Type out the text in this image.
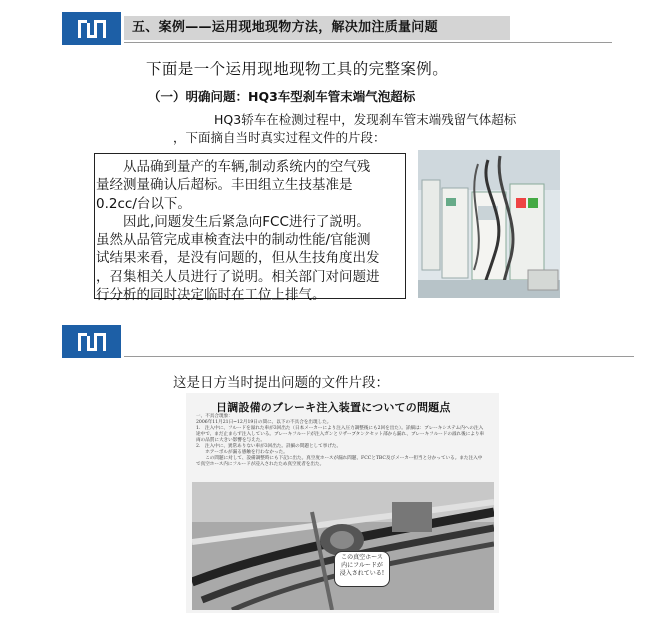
五、案例——运用现地现物方法，解决加注质量问题
下面是一个运用现地现物工具的完整案例。
（一）明确问题：HQ3车型刹车管末端气泡超标
HQ3轿车在检测过程中，发现刹车管末端残留气体超标
，下面摘自当时真实过程文件的片段：

　　从品确到量产的车辆,制动系统内的空气残

量经测量确认后超标。丰田组立生技基准是

0.2cc/台以下。

　　因此,问题发生后紧急向FCC进行了説明。

虽然从品管完成車検査法中的制动性能/官能测

试结果来看，是没有问题的，但从生技角度出发

，召集相关人员进行了说明。相关部门对问题进

行分析的同时决定临时在工位上排气。

这是日方当时提出问题的文件片段：
日調設備のブレーキ注入装置についての問題点
一、不具合現象：
2006年11月21日~12月19日の間に、以下の不具合を出現した。
1.　注入中に、フルードを溢れた車が3回出た（日本メーカーにより注入圧力調整後にも2回を出た）。詳細は：ブレーキシステム内への注入途中で、まだ止まらず注入している。ブレーキフルードが注入ガンとリザーブタンクセット部から漏れ、ブレーキフルードの溢れ後により車両の品質に大きい影響を与えた。
2.　注入中に、異常ありない車が3回出た。詳細の問題として挙げた。
　　ホアーボルが漏る感触を行わなかった。
　　この問題に対して、設備調整時にも下記に出た。真空度ホースが漏れ問題、FCCとTBC及びメーカー担当と分かっている。また注入中で真空ホース内にフルードが浸入されたため真空度者を出た。
この真空ホース内にフルードが浸入されている!
